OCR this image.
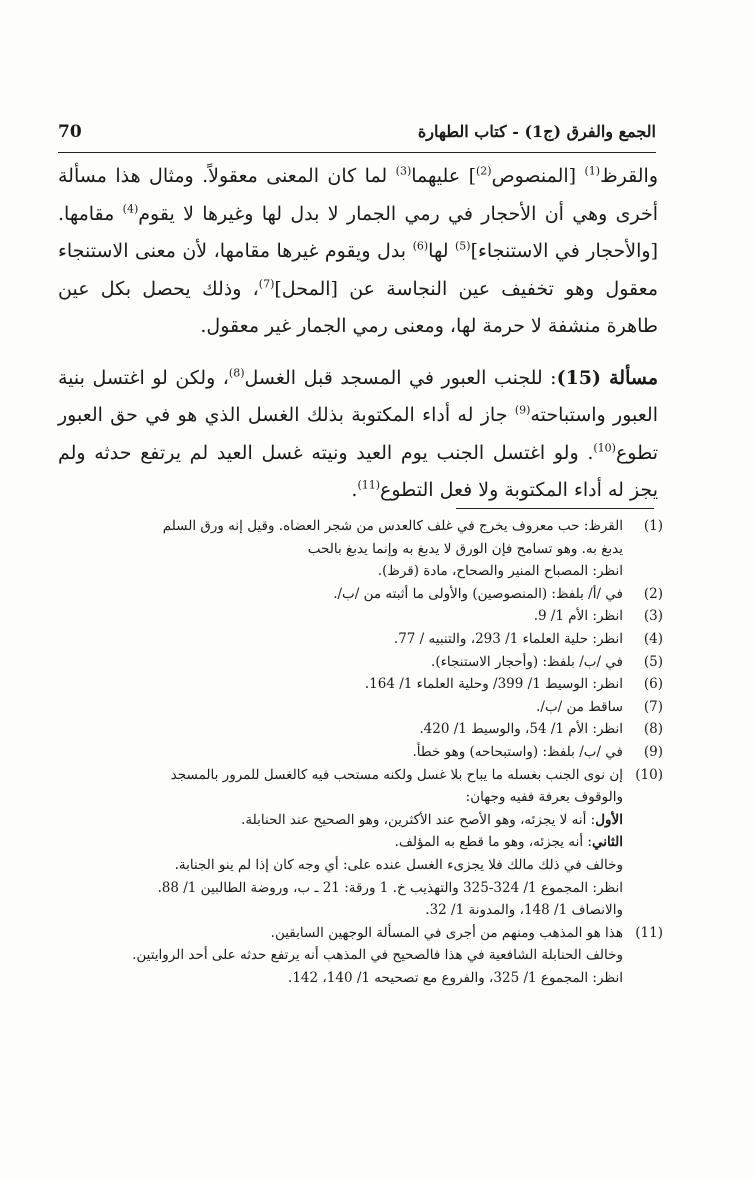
70	الجمع والفرق (ج1) - كتاب الطهارة

والقرظ$^{(1)}$ [المنصوص$^{(2)}$] عليهما$^{(3)}$ لما كان المعنى معقولاً. ومثال هذا مسألة أخرى وهي أن الأحجار في رمي الجمار لا بدل لها وغيرها لا يقوم$^{(4)}$ مقامها. [والأحجار في الاستنجاء]$^{(5)}$ لها$^{(6)}$ بدل ويقوم غيرها مقامها، لأن معنى الاستنجاء معقول وهو تخفيف عين النجاسة عن [المحل]$^{(7)}$، وذلك يحصل بكل عين طاهرة منشفة لا حرمة لها، ومعنى رمي الجمار غير معقول.

مسألة (15): للجنب العبور في المسجد قبل الغسل$^{(8)}$، ولكن لو اغتسل بنية العبور واستباحته$^{(9)}$ جاز له أداء المكتوبة بذلك الغسل الذي هو في حق العبور تطوع$^{(10)}$. ولو اغتسل الجنب يوم العيد ونيته غسل العيد لم يرتفع حدثه ولم يجز له أداء المكتوبة ولا فعل التطوع$^{(11)}$.

(1)
القرظ: حب معروف يخرج في غلف كالعدس من شجر العضاه. وقيل إنه ورق السلم
يدبغ به. وهو تسامح فإن الورق لا يدبغ به وإنما يدبغ بالحب
انظر: المصباح المنير والصحاح، مادة (قرظ).
(2)
في /أ/ بلفظ: (المنصوصين) والأولى ما أثبته من /ب/.
(3)
انظر: الأم 1/ 9.
(4)
انظر: حلية العلماء 1/ 293، والتنبيه / 77.
(5)
في /ب/ بلفظ: (وأحجار الاستنجاء).
(6)
انظر: الوسيط 1/ 399/ وحلية العلماء 1/ 164.
(7)
ساقط من /ب/.
(8)
انظر: الأم 1/ 54، والوسيط 1/ 420.
(9)
في /ب/ بلفظ: (واستبحاحه) وهو خطأ.
(10)
إن نوى الجنب بغسله ما يباح بلا غسل ولكنه مستحب فيه كالغسل للمرور بالمسجد
والوقوف بعرفة ففيه وجهان:
الأول: أنه لا يجزئه، وهو الأصح عند الأكثرين، وهو الصحيح عند الحنابلة.
الثاني: أنه يجزئه، وهو ما قطع به المؤلف.
وخالف في ذلك مالك فلا يجزىء الغسل عنده على: أي وجه كان إذا لم ينو الجنابة.
انظر: المجموع 1/ 324-325 والتهذيب خ. 1 ورقة: 21 ـ ب، وروضة الطالبين 1/ 88.
والانصاف 1/ 148، والمدونة 1/ 32.
(11)
هذا هو المذهب ومنهم من أجرى في المسألة الوجهين السابقين.
وخالف الحنابلة الشافعية في هذا فالصحيح في المذهب أنه يرتفع حدثه على أحد الروايتين.
انظر: المجموع 1/ 325، والفروع مع تصحيحه 1/ 140، 142.
